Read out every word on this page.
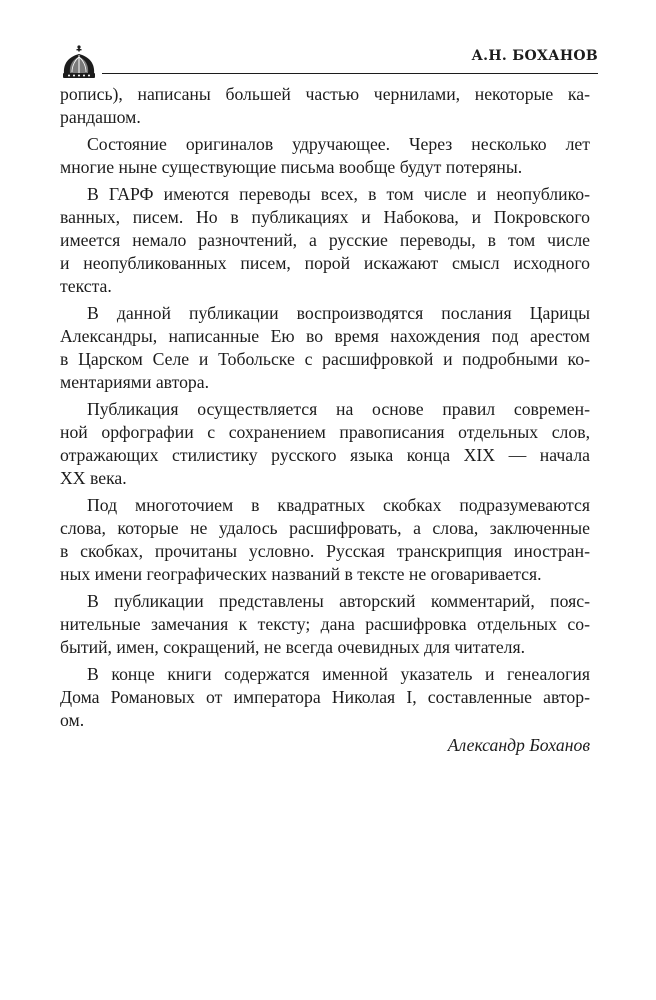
А.Н. БОХАНОВ
ропись), написаны большей частью чернилами, некоторые ка-
рандашом.
Состояние оригиналов удручающее. Через несколько лет
многие ныне существующие письма вообще будут потеряны.
В ГАРФ имеются переводы всех, в том числе и неопублико-
ванных, писем. Но в публикациях и Набокова, и Покровского
имеется немало разночтений, а русские переводы, в том числе
и неопубликованных писем, порой искажают смысл исходного
текста.
В данной публикации воспроизводятся послания Царицы
Александры, написанные Ею во время нахождения под арестом
в Царском Селе и Тобольске с расшифровкой и подробными ко-
ментариями автора.
Публикация осуществляется на основе правил современ-
ной орфографии с сохранением правописания отдельных слов,
отражающих стилистику русского языка конца XIX — начала
XX века.
Под многоточием в квадратных скобках подразумеваются
слова, которые не удалось расшифровать, а слова, заключенные
в скобках, прочитаны условно. Русская транскрипция иностран-
ных имени географических названий в тексте не оговаривается.
В публикации представлены авторский комментарий, пояс-
нительные замечания к тексту; дана расшифровка отдельных со-
бытий, имен, сокращений, не всегда очевидных для читателя.
В конце книги содержатся именной указатель и генеалогия
Дома Романовых от императора Николая I, составленные автор-
ом.
Александр Боханов
